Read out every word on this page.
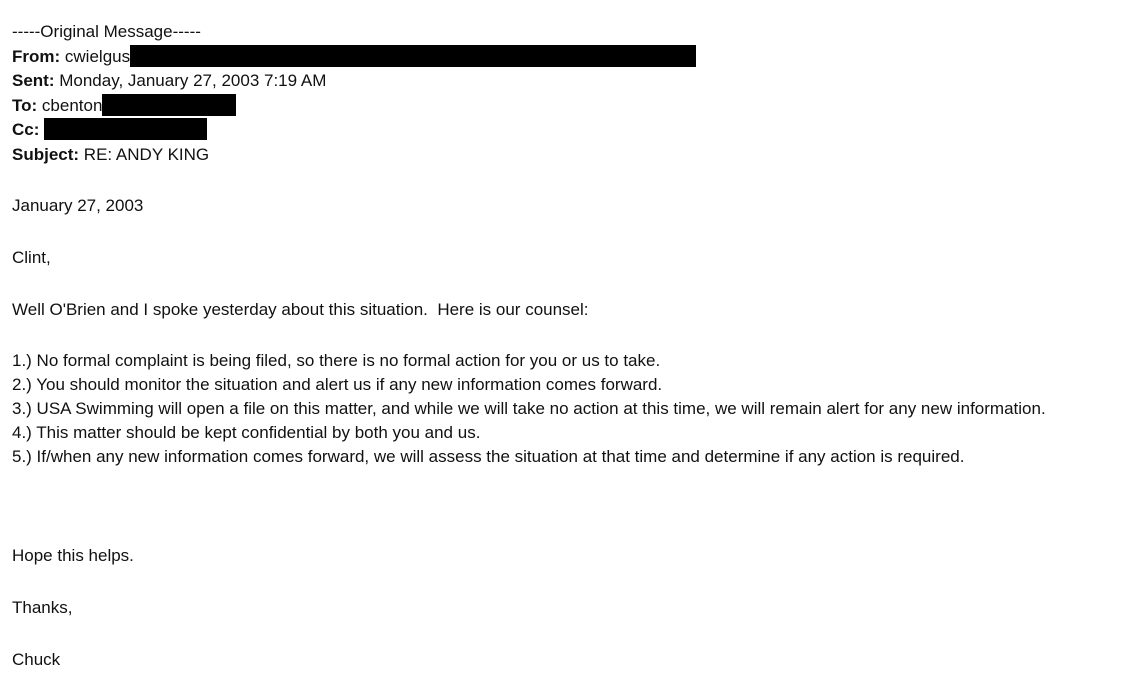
-----Original Message-----
From: cwielgus
Sent: Monday, January 27, 2003 7:19 AM
To: cbenton
Cc:
Subject: RE: ANDY KING
January 27, 2003
Clint,
Well O'Brien and I spoke yesterday about this situation.  Here is our counsel:
1.) No formal complaint is being filed, so there is no formal action for you or us to take.
2.) You should monitor the situation and alert us if any new information comes forward.
3.) USA Swimming will open a file on this matter, and while we will take no action at this time, we will remain alert for any new information.
4.) This matter should be kept confidential by both you and us.
5.) If/when any new information comes forward, we will assess the situation at that time and determine if any action is required.
Hope this helps.
Thanks,
Chuck
